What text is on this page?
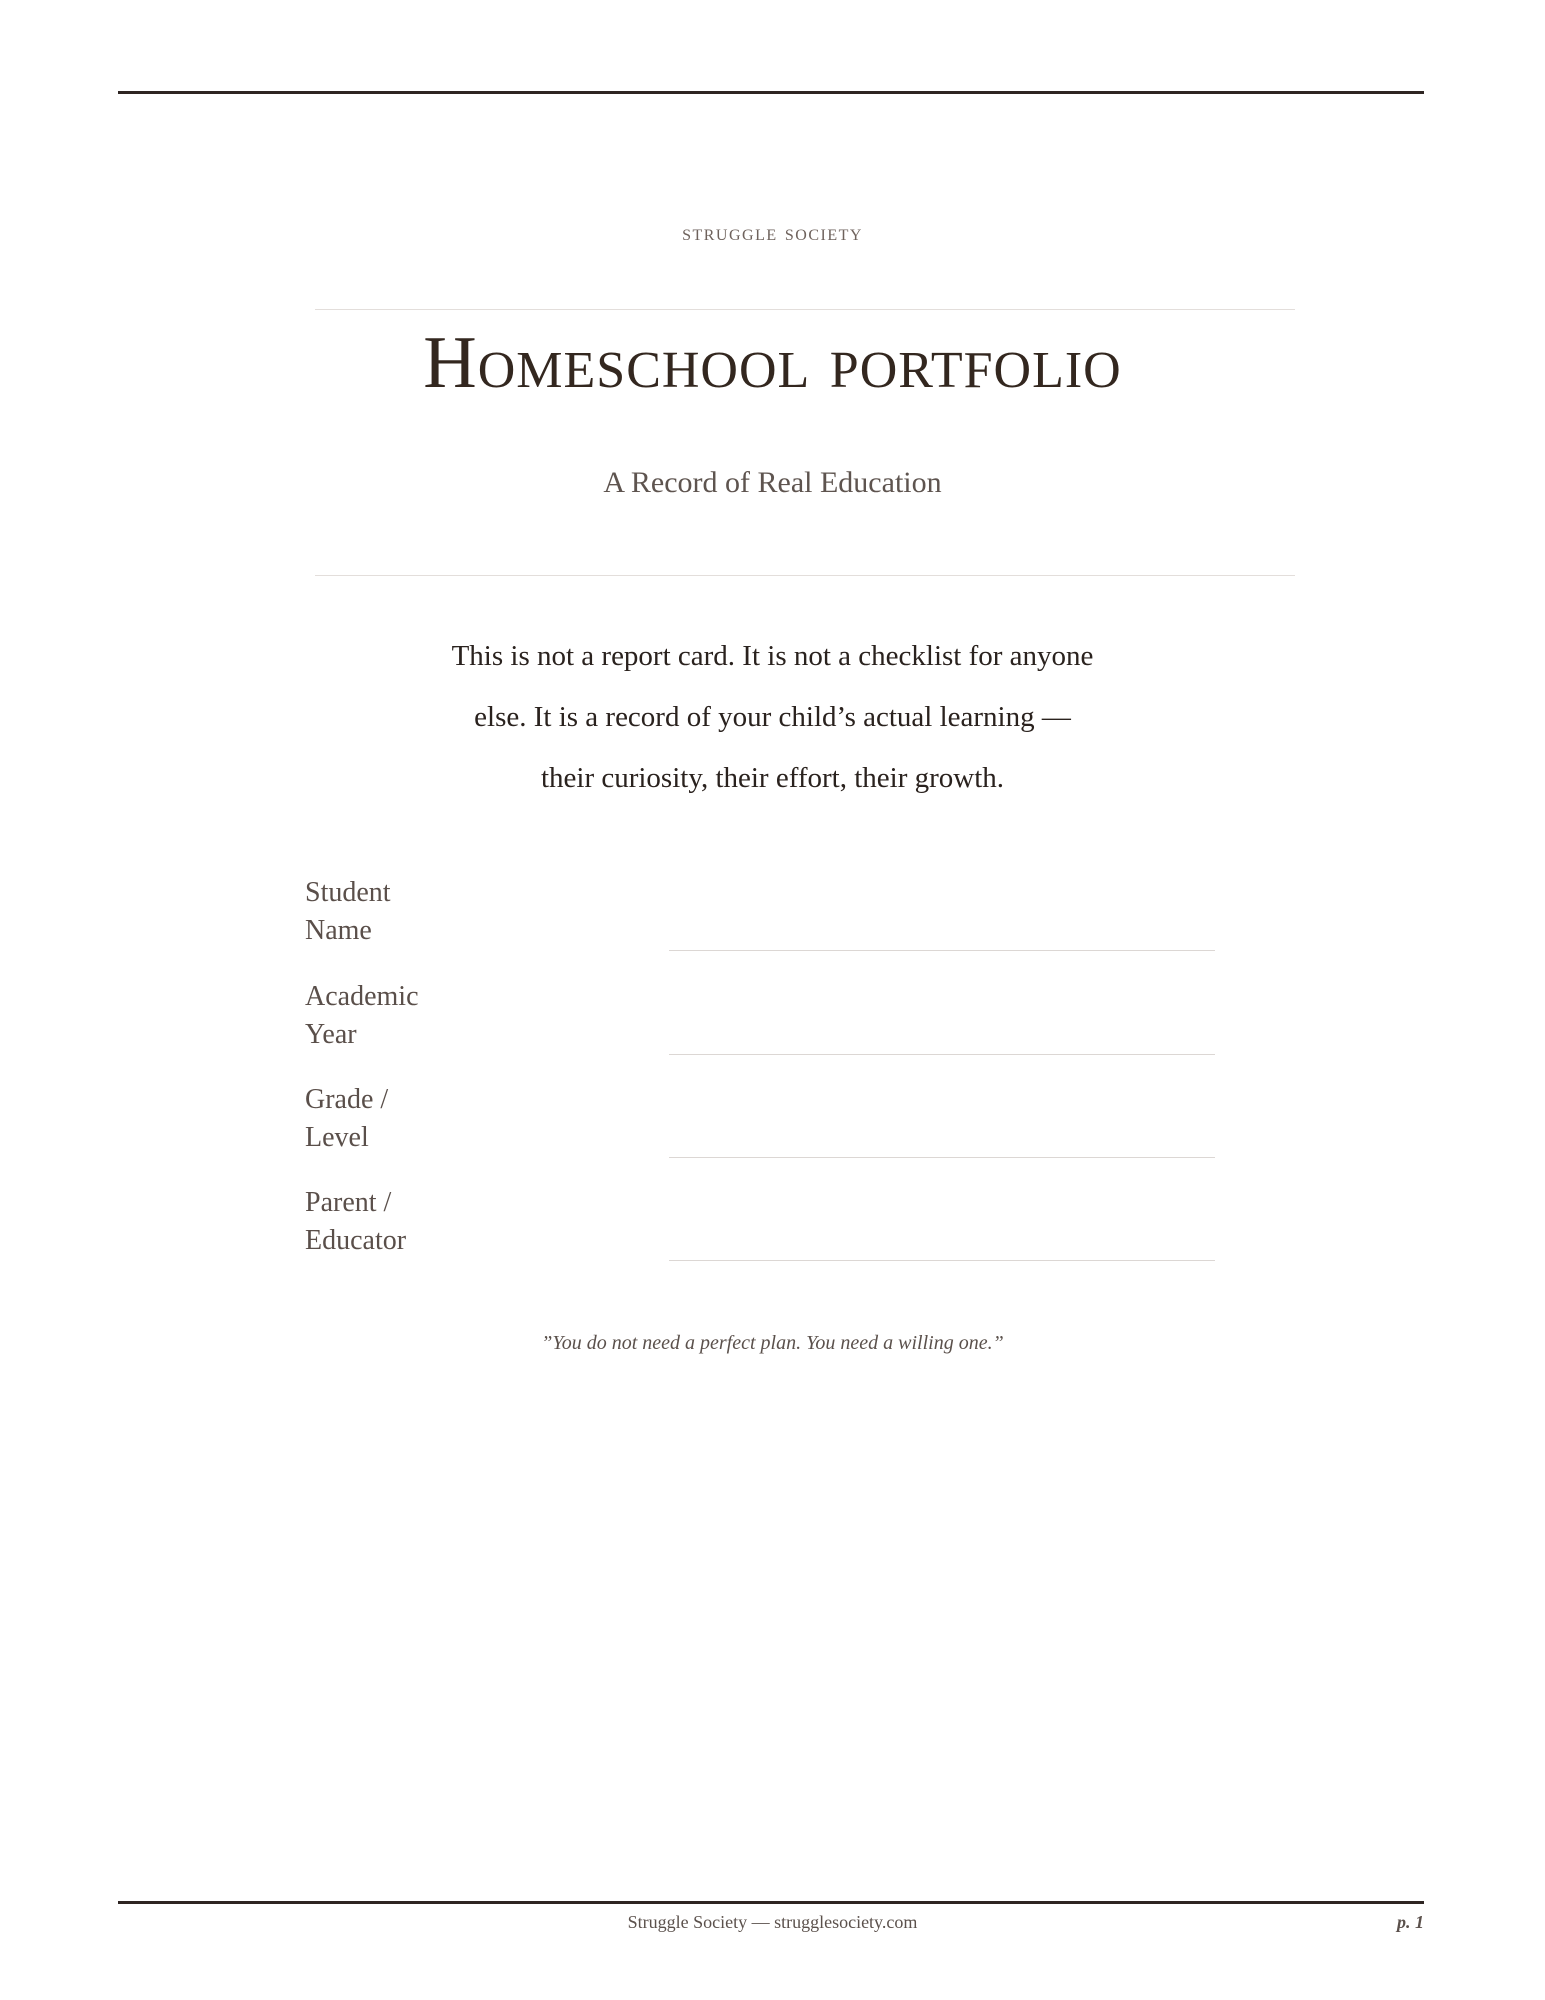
struggle society
Homeschool portfolio
A Record of Real Education
This is not a report card. It is not a checklist for anyone
else. It is a record of your child’s actual learning —
their curiosity, their effort, their growth.
Student
Name
Academic
Year
Grade /
Level
Parent /
Educator
”You do not need a perfect plan. You need a willing one.”
Struggle Society — strugglesociety.com	p. 1
